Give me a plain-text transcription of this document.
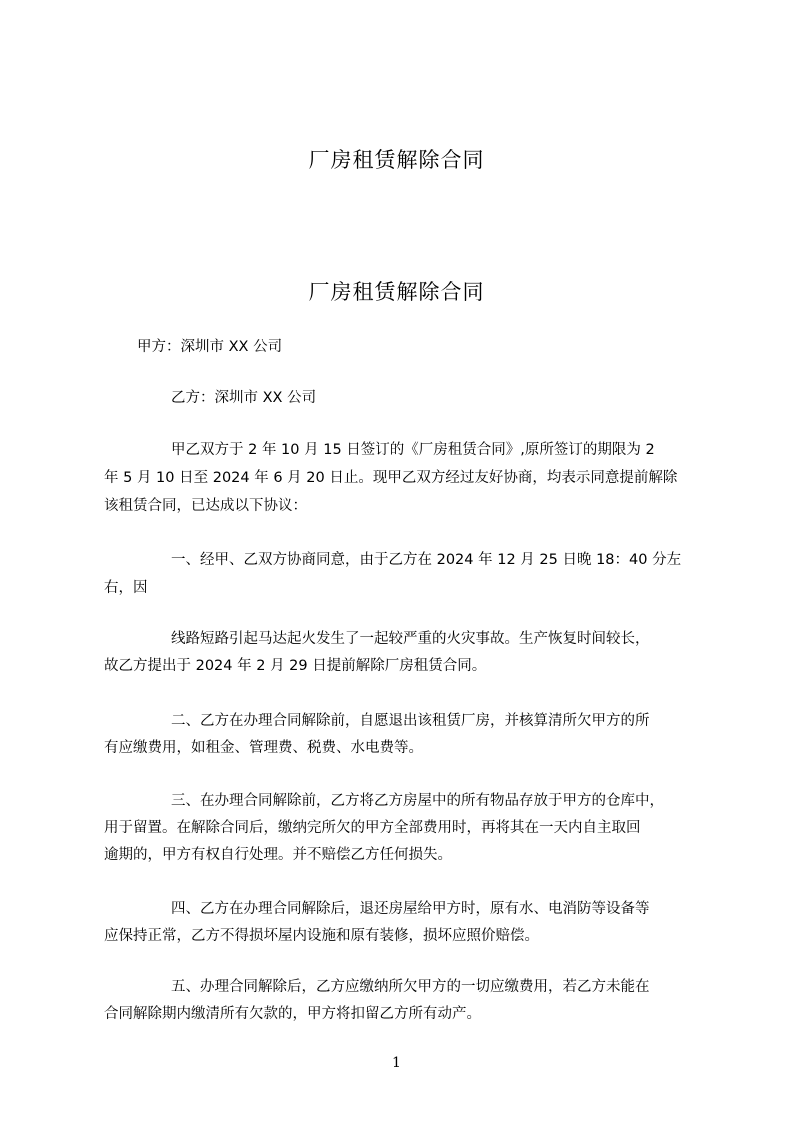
厂房租赁解除合同
厂房租赁解除合同
甲方：深圳市 XX 公司
乙方：深圳市 XX 公司
甲乙双方于 2 年 10 月 15 日签订的《厂房租赁合同》,原所签订的期限为 2
年 5 月 10 日至 2024 年 6 月 20 日止。现甲乙双方经过友好协商，均表示同意提前解除
该租赁合同，已达成以下协议：
一、经甲、乙双方协商同意，由于乙方在 2024 年 12 月 25 日晚 18：40 分左
右，因
线路短路引起马达起火发生了一起较严重的火灾事故。生产恢复时间较长，
故乙方提出于 2024 年 2 月 29 日提前解除厂房租赁合同。
二、乙方在办理合同解除前，自愿退出该租赁厂房，并核算清所欠甲方的所
有应缴费用，如租金、管理费、税费、水电费等。
三、在办理合同解除前，乙方将乙方房屋中的所有物品存放于甲方的仓库中，
用于留置。在解除合同后，缴纳完所欠的甲方全部费用时，再将其在一天内自主取回
逾期的，甲方有权自行处理。并不赔偿乙方任何损失。
四、乙方在办理合同解除后，退还房屋给甲方时，原有水、电消防等设备等
应保持正常，乙方不得损坏屋内设施和原有装修，损坏应照价赔偿。
五、办理合同解除后，乙方应缴纳所欠甲方的一切应缴费用，若乙方未能在
合同解除期内缴清所有欠款的，甲方将扣留乙方所有动产。
1
